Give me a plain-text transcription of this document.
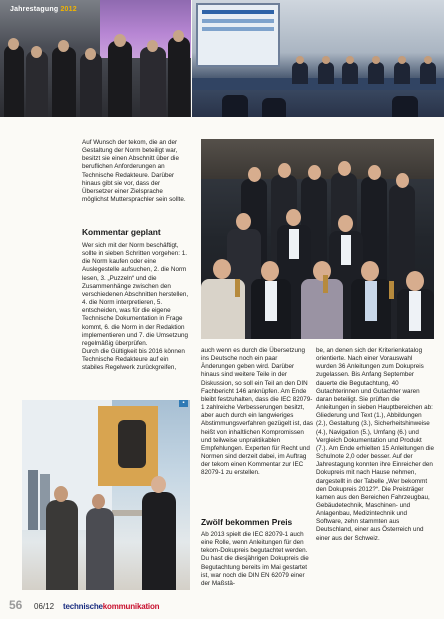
Jahrestagung 2012
Auf Wunsch der tekom, die an der Gestaltung der Norm beteiligt war, besitzt sie einen Abschnitt über die beruflichen Anforderungen an Technische Redakteure. Darüber hinaus gibt sie vor, dass der Übersetzer einer Zielsprache möglichst Muttersprachler sein sollte.
Kommentar geplant
Wer sich mit der Norm beschäftigt, sollte in sieben Schritten vorgehen: 1. die Norm kaufen oder eine Auslegestelle aufsuchen, 2. die Norm lesen, 3. „Puzzeln“ und die Zusammenhänge zwischen den verschiedenen Abschnitten herstellen, 4. die Norm interpretieren, 5. entscheiden, was für die eigene Technische Dokumentation in Frage kommt, 6. die Norm in der Redaktion implementieren und 7. die Umsetzung regelmäßig überprüfen.
Durch die Gültigkeit bis 2016 können Technische Redakteure auf ein stabiles Regelwerk zurückgreifen,
▪
auch wenn es durch die Übersetzung ins Deutsche noch ein paar Änderungen geben wird. Darüber hinaus sind weitere Teile in der Diskussion, so soll ein Teil an den DIN Fachbericht 146 anknüpfen. Am Ende bleibt festzuhalten, dass die IEC 82079-1 zahlreiche Verbesserungen besitzt, aber auch durch ein langwieriges Abstimmungsverfahren gezügelt ist, das heißt von inhaltlichen Kompromissen und teilweise unpraktikablen Empfehlungen. Experten für Recht und Normen sind derzeit dabei, im Auftrag der tekom einen Kommentar zur IEC 82079-1 zu erstellen.
Zwölf bekommen Preis
Ab 2013 spielt die IEC 82079-1 auch eine Rolle, wenn Anleitungen für den tekom-Dokupreis begutachtet werden. Du hast die diesjährigen Dokupreis die Begutachtung bereits im Mai gestartet ist, war noch die DIN EN 62079 einer der Maßstä-
be, an denen sich der Kriterienkatalog orientierte. Nach einer Vorauswahl wurden 36 Anleitungen zum Dokupreis zugelassen. Bis Anfang September dauerte die Begutachtung, 40 Gutachterinnen und Gutachter waren daran beteiligt. Sie prüften die Anleitungen in sieben Hauptbereichen ab: Gliederung und Text (1.), Abbildungen (2.), Gestaltung (3.), Sicherheitshinweise (4.), Navigation (5.), Umfang (6.) und Vergleich Dokumentation und Produkt (7.). Am Ende erhielten 15 Anleitungen die Schulnote 2,0 oder besser. Auf der Jahrestagung konnten ihre Einreicher den Dokupreis mit nach Hause nehmen, dargestellt in der Tabelle „Wer bekommt den Dokupreis 2012?“. Die Preisträger kamen aus den Bereichen Fahrzeugbau, Gebäudetechnik, Maschinen- und Anlagenbau, Medizintechnik und Software, zehn stammten aus Deutschland, einer aus Österreich und einer aus der Schweiz.
56 06/12 technischekommunikation
